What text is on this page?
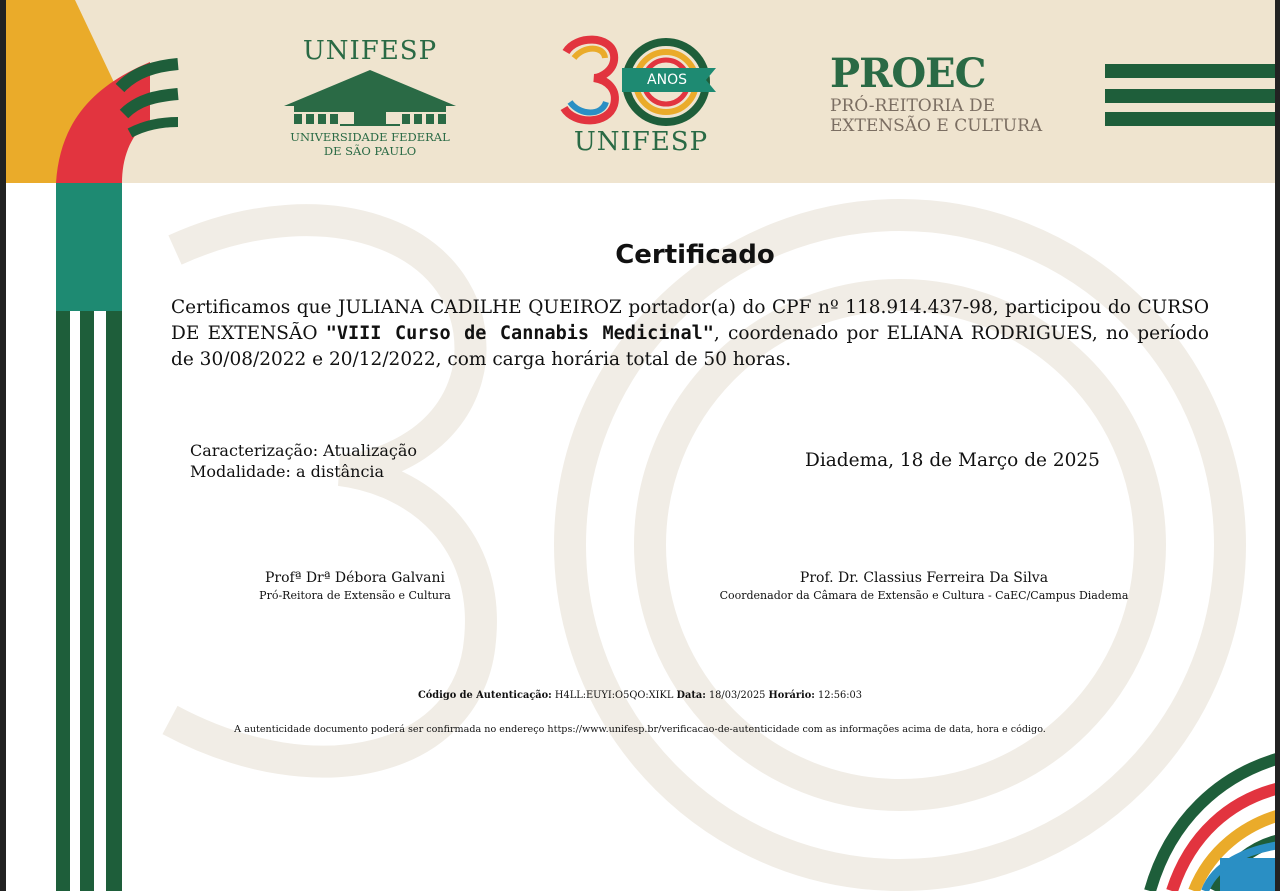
UNIFESP
UNIVERSIDADE FEDERAL
DE SÃO PAULO
ANOS
UNIFESP
PROEC
PRÓ-REITORIA DE
EXTENSÃO E CULTURA
Certificado
Certificamos que JULIANA CADILHE QUEIROZ portador(a) do CPF nº 118.914.437-98, participou do CURSO DE EXTENSÃO "VIII Curso de Cannabis Medicinal", coordenado por ELIANA RODRIGUES, no período de 30/08/2022 e 20/12/2022, com carga horária total de 50 horas.
Caracterização: Atualização
Modalidade: a distância
Diadema, 18 de Março de 2025
Profª Drª Débora Galvani
Pró-Reitora de Extensão e Cultura
Prof. Dr. Classius Ferreira Da Silva
Coordenador da Câmara de Extensão e Cultura - CaEC/Campus Diadema
Código de Autenticação: H4LL:EUYI:O5QO:XIKL Data: 18/03/2025 Horário: 12:56:03
A autenticidade documento poderá ser confirmada no endereço https://www.unifesp.br/verificacao-de-autenticidade com as informações acima de data, hora e código.
